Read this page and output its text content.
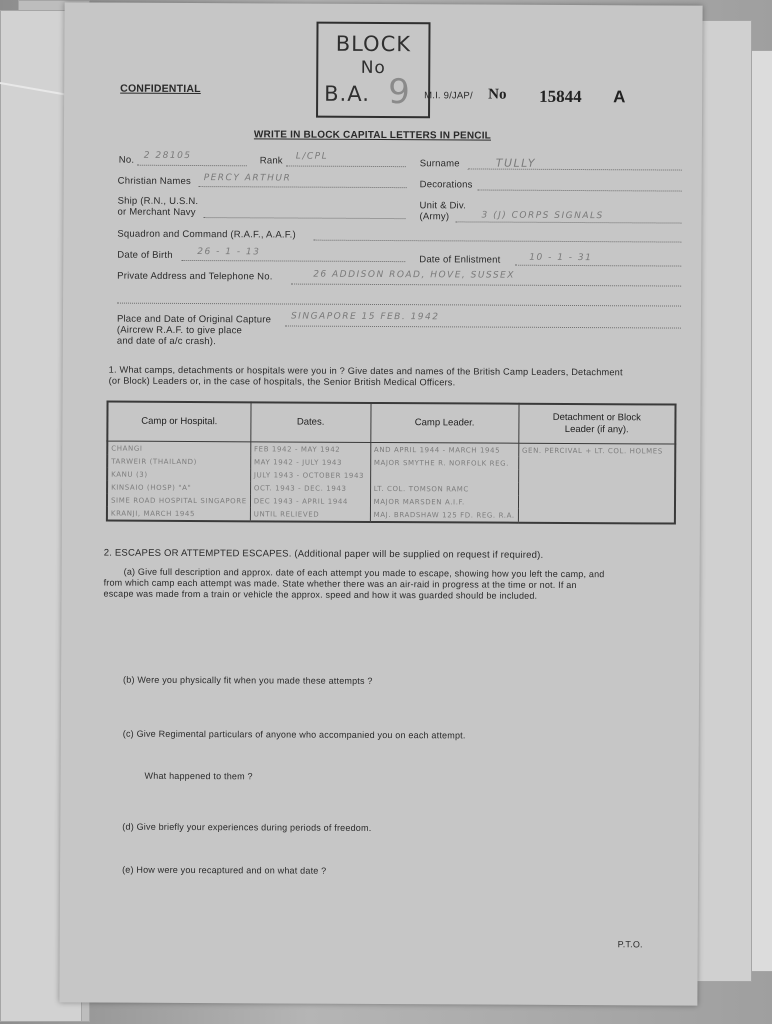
CONFIDENTIAL
BLOCK
No
B.A. 9 M.I. 9/JAP/ No 15844 A
WRITE IN BLOCK CAPITAL LETTERS IN PENCIL
No. 2 28105	Rank L/CPL
Surname	TULLY
Christian Names PERCY ARTHUR
Decorations
Ship (R.N., U.S.N.
or Merchant Navy
Unit & Div.
(Army)	3 (J) CORPS SIGNALS
Squadron and Command (R.A.F., A.A.F.)
Date of Birth	26 - 1 - 13
Date of Enlistment	10 - 1 - 31
Private Address and Telephone No.	26 ADDISON ROAD, HOVE, SUSSEX
Place and Date of Original Capture
(Aircrew R.A.F. to give place
and date of a/c crash).
SINGAPORE 15 FEB. 1942
1. What camps, detachments or hospitals were you in ? Give dates and names of the British Camp Leaders, Detachment
(or Block) Leaders or, in the case of hospitals, the Senior British Medical Officers.
Camp or Hospital.	Dates.	Camp Leader.	Detachment or Block Leader (if any).
CHANGI	FEB 1942 - MAY 1942	AND APRIL 1944 - MARCH 1945	GEN. PERCIVAL + LT. COL. HOLMES
TARWEIR (THAILAND)	MAY 1942 - JULY 1943	MAJOR SMYTHE R. NORFOLK REG.	
KANU (3)	JULY 1943 - OCTOBER 1943		
KINSAIO (HOSP) "A"	OCT. 1943 - DEC. 1943	LT. COL. TOMSON RAMC	
SIME ROAD HOSPITAL SINGAPORE	DEC 1943 - APRIL 1944	MAJOR MARSDEN A.I.F.	
KRANJI, MARCH 1945	UNTIL RELIEVED	MAJ. BRADSHAW 125 FD. REG. R.A.	
2. ESCAPES OR ATTEMPTED ESCAPES. (Additional paper will be supplied on request if required).
(a) Give full description and approx. date of each attempt you made to escape, showing how you left the camp, and
from which camp each attempt was made. State whether there was an air-raid in progress at the time or not. If an
escape was made from a train or vehicle the approx. speed and how it was guarded should be included.
(b) Were you physically fit when you made these attempts ?
(c) Give Regimental particulars of anyone who accompanied you on each attempt.
What happened to them ?
(d) Give briefly your experiences during periods of freedom.
(e) How were you recaptured and on what date ?
P.T.O.
